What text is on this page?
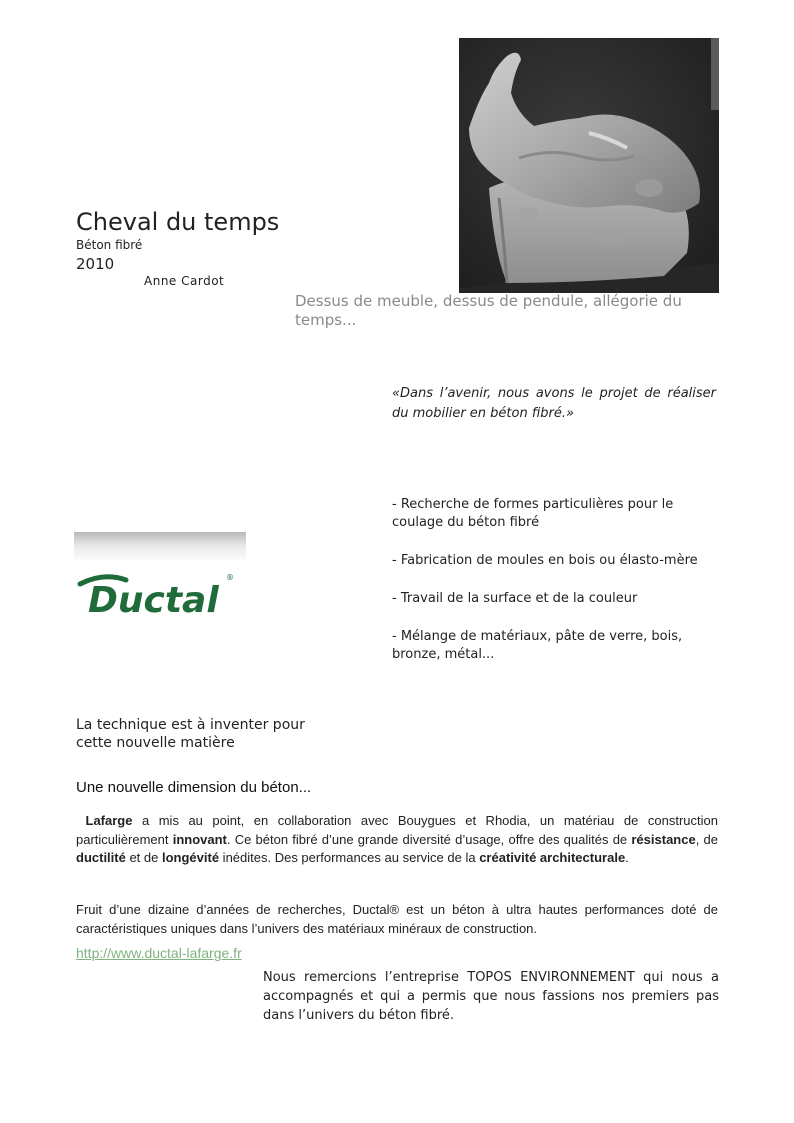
Cheval du temps
Béton fibré
2010
Anne Cardot
Dessus de meuble, dessus de pendule, allégorie du temps...
«Dans l’avenir, nous avons le projet de réaliser du mobilier en béton fibré.»
- Recherche de formes particulières pour le coulage du béton fibré
- Fabrication de moules en bois ou élasto-mère
- Travail de la surface et de la couleur
- Mélange de matériaux, pâte de verre, bois, bronze, métal...
Ductal
®
La technique est à inventer pour cette nouvelle matière
Une nouvelle dimension du béton...

Lafarge a mis au point, en collaboration avec Bouygues et Rhodia, un matériau de construction particulièrement innovant. Ce béton fibré d’une grande diversité d’usage, offre des qualités de résistance, de ductilité et de longévité inédites. Des performances au service de la créativité architecturale.

Fruit d’une dizaine d’années de recherches, Ductal® est un béton à ultra hautes performances doté de caractéristiques uniques dans l’univers des matériaux minéraux de construction.

http://www.ductal-lafarge.fr

Nous remercions l’entreprise TOPOS ENVIRONNEMENT qui nous a accompagnés et qui a permis que nous fassions nos premiers pas dans l’univers du béton fibré.
